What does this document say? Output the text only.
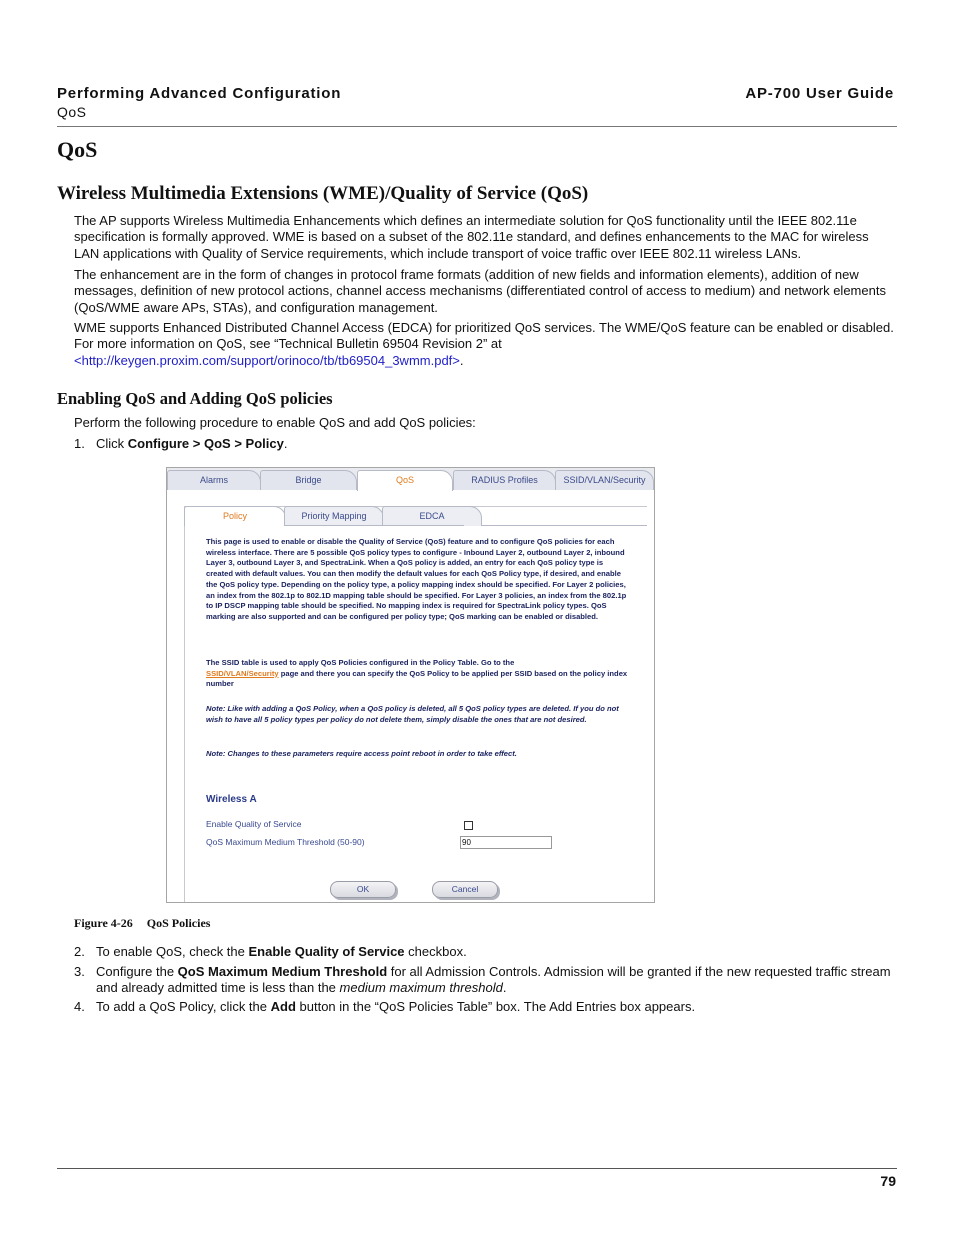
Performing Advanced Configuration	AP-700 User Guide
QoS
QoS
Wireless Multimedia Extensions (WME)/Quality of Service (QoS)
The AP supports Wireless Multimedia Enhancements which defines an intermediate solution for QoS functionality until the IEEE 802.11e specification is formally approved. WME is based on a subset of the 802.11e standard, and defines enhancements to the MAC for wireless LAN applications with Quality of Service requirements, which include transport of voice traffic over IEEE 802.11 wireless LANs.
The enhancement are in the form of changes in protocol frame formats (addition of new fields and information elements), addition of new messages, definition of new protocol actions, channel access mechanisms (differentiated control of access to medium) and network elements (QoS/WME aware APs, STAs), and configuration management.
WME supports Enhanced Distributed Channel Access (EDCA) for prioritized QoS services. The WME/QoS feature can be enabled or disabled. For more information on QoS, see “Technical Bulletin 69504 Revision 2” at
<http://keygen.proxim.com/support/orinoco/tb/tb69504_3wmm.pdf>.
Enabling QoS and Adding QoS policies
Perform the following procedure to enable QoS and add QoS policies:
1. Click Configure > QoS > Policy.
Alarms	Bridge	QoS	RADIUS Profiles	SSID/VLAN/Security
Policy	Priority Mapping	EDCA
This page is used to enable or disable the Quality of Service (QoS) feature and to configure QoS policies for each wireless interface. There are 5 possible QoS policy types to configure - Inbound Layer 2, outbound Layer 2, inbound Layer 3, outbound Layer 3, and SpectraLink. When a QoS policy is added, an entry for each QoS policy type is created with default values. You can then modify the default values for each QoS Policy type, if desired, and enable the QoS policy type. Depending on the policy type, a policy mapping index should be specified. For Layer 2 policies, an index from the 802.1p to 802.1D mapping table should be specified. For Layer 3 policies, an index from the 802.1p to IP DSCP mapping table should be specified. No mapping index is required for SpectraLink policy types. QoS marking are also supported and can be configured per policy type; QoS marking can be enabled or disabled.
The SSID table is used to apply QoS Policies configured in the Policy Table. Go to the
SSID/VLAN/Security page and there you can specify the QoS Policy to be applied per SSID based on the policy index number
Note: Like with adding a QoS Policy, when a QoS policy is deleted, all 5 QoS policy types are deleted. If you do not wish to have all 5 policy types per policy do not delete them, simply disable the ones that are not desired.
Note: Changes to these parameters require access point reboot in order to take effect.
Wireless A
Enable Quality of Service
QoS Maximum Medium Threshold (50-90)	90
OK	Cancel
Figure 4-26 QoS Policies
2. To enable QoS, check the Enable Quality of Service checkbox.
3. Configure the QoS Maximum Medium Threshold for all Admission Controls. Admission will be granted if the new requested traffic stream and already admitted time is less than the medium maximum threshold.
4. To add a QoS Policy, click the Add button in the “QoS Policies Table” box. The Add Entries box appears.
79
